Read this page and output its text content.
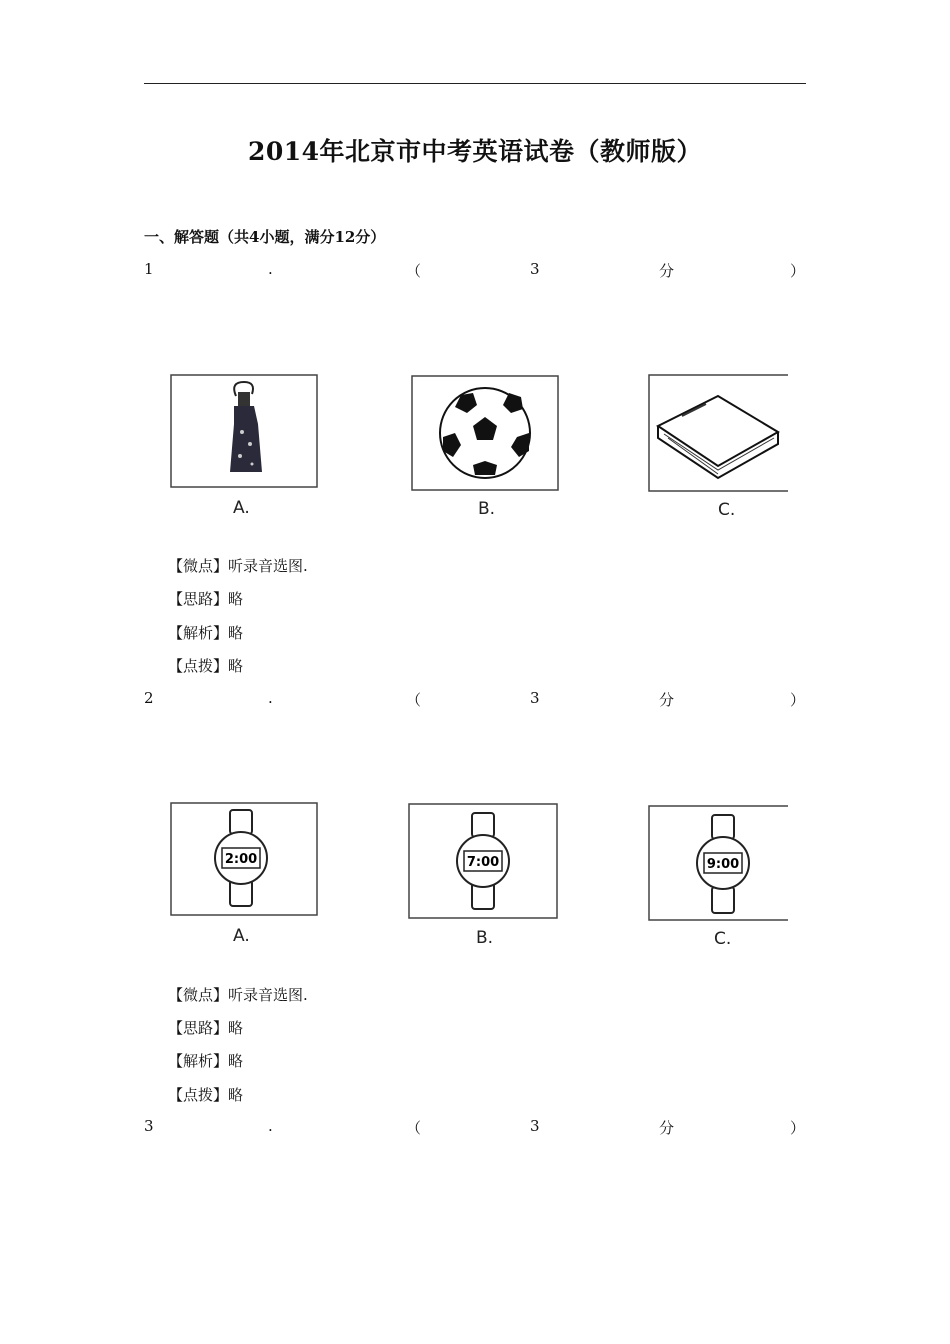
2014年北京市中考英语试卷（教师版）
一、解答题（共4小题，满分12分）
1	.	（	3	分	）
A.	B.	C.
【微点】听录音选图.
【思路】略
【解析】略
【点拨】略
2	.	（	3	分	）
2:00
A.
7:00
B.
9:00
C.
【微点】听录音选图.
【思路】略
【解析】略
【点拨】略
3	.	（	3	分	）
